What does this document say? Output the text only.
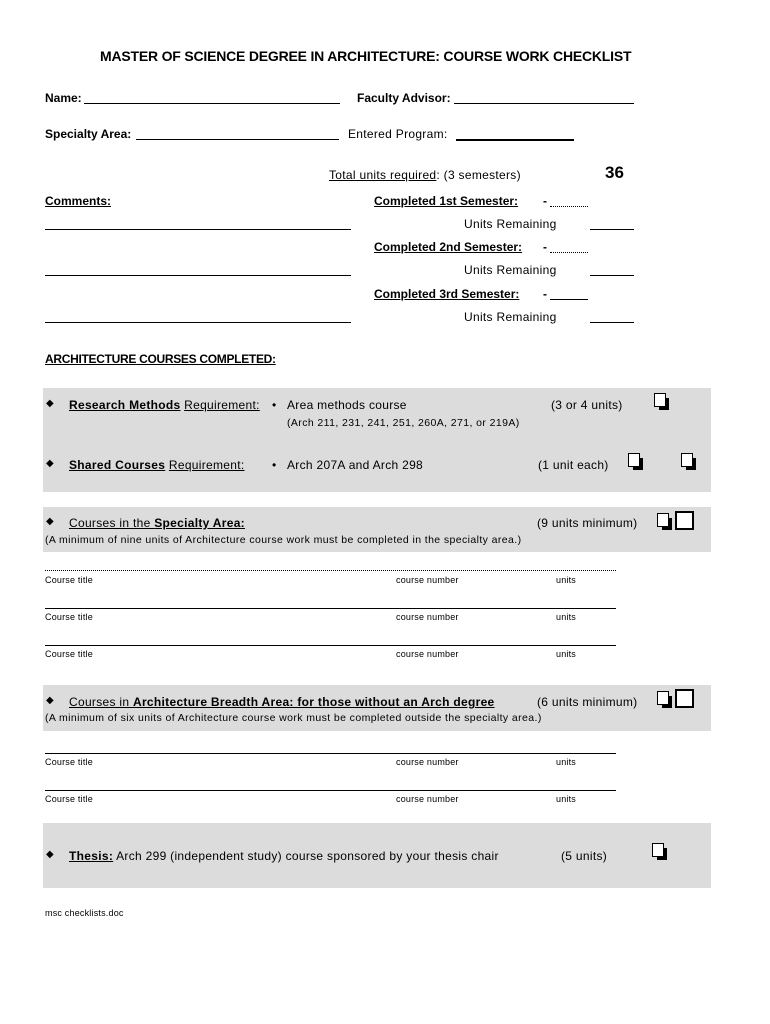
MASTER OF SCIENCE DEGREE IN ARCHITECTURE: COURSE WORK CHECKLIST
Name:	Faculty Advisor:
Specialty Area:	Entered Program:
Total units required: (3 semesters)	36
Comments:	Completed 1st Semester: -
Units Remaining
Completed 2nd Semester: -
Units Remaining
Completed 3rd Semester: -
Units Remaining
ARCHITECTURE COURSES COMPLETED:
◆ Research Methods Requirement: • Area methods course	(3 or 4 units)
(Arch 211, 231, 241, 251, 260A, 271, or 219A)
◆ Shared Courses Requirement: • Arch 207A and Arch 298	(1 unit each)
◆ Courses in the Specialty Area:	(9 units minimum)
(A minimum of nine units of Architecture course work must be completed in the specialty area.)
Course title	course number	units
Course title	course number	units
Course title	course number	units
◆ Courses in Architecture Breadth Area: for those without an Arch degree	(6 units minimum)
(A minimum of six units of Architecture course work must be completed outside the specialty area.)
Course title	course number	units
Course title	course number	units
◆ Thesis: Arch 299 (independent study) course sponsored by your thesis chair	(5 units)
msc checklists.doc
